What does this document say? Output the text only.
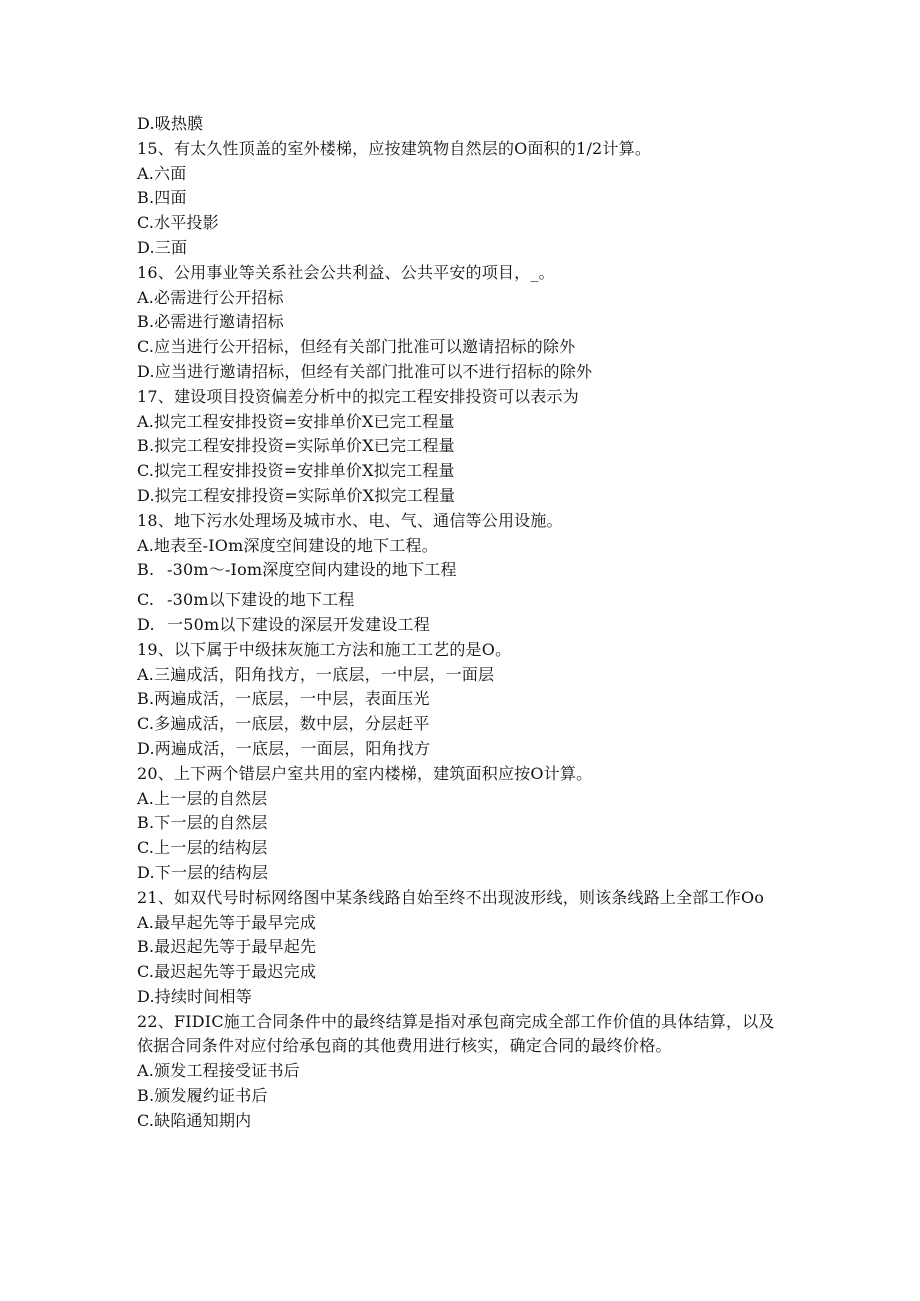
D.吸热膜
15、有太久性顶盖的室外楼梯，应按建筑物自然层的O面积的1/2计算。
A.六面
B.四面
C.水平投影
D.三面
16、公用事业等关系社会公共利益、公共平安的项目，_。
A.必需进行公开招标
B.必需进行邀请招标
C.应当进行公开招标，但经有关部门批准可以邀请招标的除外
D.应当进行邀请招标，但经有关部门批准可以不进行招标的除外
17、建设项目投资偏差分析中的拟完工程安排投资可以表示为
A.拟完工程安排投资=安排单价X已完工程量
B.拟完工程安排投资=实际单价X已完工程量
C.拟完工程安排投资=安排单价X拟完工程量
D.拟完工程安排投资=实际单价X拟完工程量
18、地下污水处理场及城市水、电、气、通信等公用设施。
A.地表至-IOm深度空间建设的地下工程。
B. -30m～-Iom深度空间内建设的地下工程
C. -30m以下建设的地下工程
D. 一50m以下建设的深层开发建设工程
19、以下属于中级抹灰施工方法和施工工艺的是O。
A.三遍成活，阳角找方，一底层，一中层，一面层
B.两遍成活，一底层，一中层，表面压光
C.多遍成活，一底层，数中层，分层赶平
D.两遍成活，一底层，一面层，阳角找方
20、上下两个错层户室共用的室内楼梯，建筑面积应按O计算。
A.上一层的自然层
B.下一层的自然层
C.上一层的结构层
D.下一层的结构层
21、如双代号时标网络图中某条线路自始至终不出现波形线，则该条线路上全部工作Oo
A.最早起先等于最早完成
B.最迟起先等于最早起先
C.最迟起先等于最迟完成
D.持续时间相等
22、FIDIC施工合同条件中的最终结算是指对承包商完成全部工作价值的具体结算，以及依据合同条件对应付给承包商的其他费用进行核实，确定合同的最终价格。
A.颁发工程接受证书后
B.颁发履约证书后
C.缺陷通知期内
